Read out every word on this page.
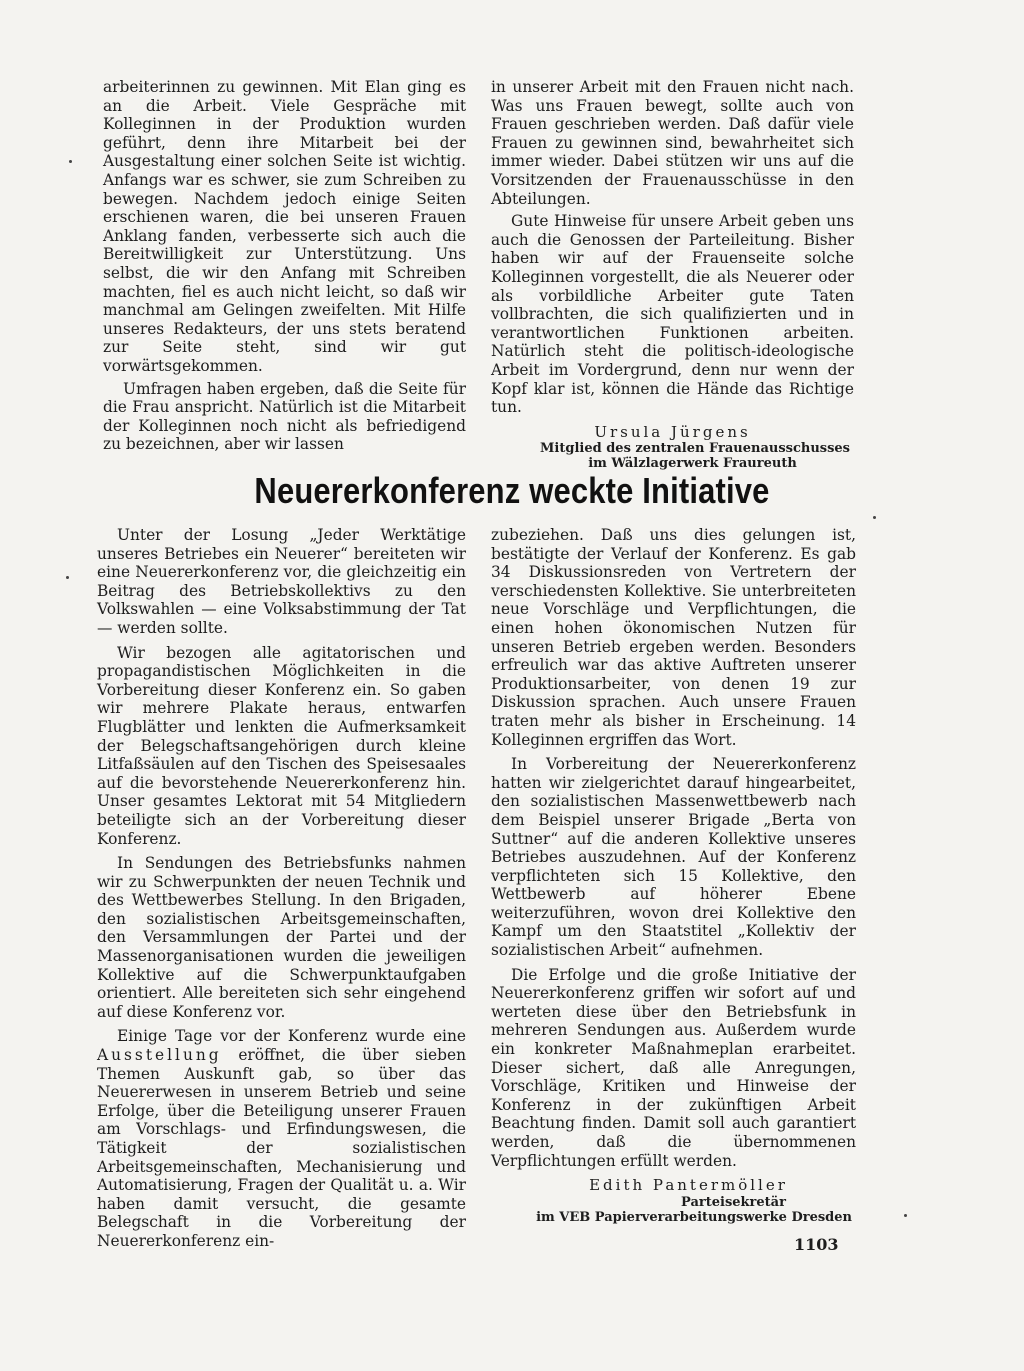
arbeiterinnen zu gewinnen. Mit Elan ging es an die Arbeit. Viele Gespräche mit Kolleginnen in der Produktion wurden geführt, denn ihre Mitarbeit bei der Ausgestaltung einer solchen Seite ist wichtig. Anfangs war es schwer, sie zum Schreiben zu bewegen. Nachdem jedoch einige Seiten erschienen waren, die bei unseren Frauen Anklang fanden, verbesserte sich auch die Bereitwilligkeit zur Unterstützung. Uns selbst, die wir den Anfang mit Schreiben machten, fiel es auch nicht leicht, so daß wir manchmal am Gelingen zweifelten. Mit Hilfe unseres Redakteurs, der uns stets beratend zur Seite steht, sind wir gut vorwärtsgekommen.

Umfragen haben ergeben, daß die Seite für die Frau anspricht. Natürlich ist die Mitarbeit der Kolleginnen noch nicht als befriedigend zu bezeichnen, aber wir lassen

in unserer Arbeit mit den Frauen nicht nach. Was uns Frauen bewegt, sollte auch von Frauen geschrieben werden. Daß dafür viele Frauen zu gewinnen sind, bewahrheitet sich immer wieder. Dabei stützen wir uns auf die Vorsitzenden der Frauenausschüsse in den Abteilungen.

Gute Hinweise für unsere Arbeit geben uns auch die Genossen der Parteileitung. Bisher haben wir auf der Frauenseite solche Kolleginnen vorgestellt, die als Neuerer oder als vorbildliche Arbeiter gute Taten vollbrachten, die sich qualifizierten und in verantwortlichen Funktionen arbeiten. Natürlich steht die politisch-ideologische Arbeit im Vordergrund, denn nur wenn der Kopf klar ist, können die Hände das Richtige tun.

Ursula Jürgens
Mitglied des zentralen Frauenausschusses
im Wälzlagerwerk Fraureuth
Neuererkonferenz weckte Initiative

Unter der Losung „Jeder Werktätige unseres Betriebes ein Neuerer“ bereiteten wir eine Neuererkonferenz vor, die gleichzeitig ein Beitrag des Betriebskollektivs zu den Volkswahlen — eine Volksabstimmung der Tat — werden sollte.

Wir bezogen alle agitatorischen und propagandistischen Möglichkeiten in die Vorbereitung dieser Konferenz ein. So gaben wir mehrere Plakate heraus, entwarfen Flugblätter und lenkten die Aufmerksamkeit der Belegschaftsangehörigen durch kleine Litfaßsäulen auf den Tischen des Speisesaales auf die bevorstehende Neuererkonferenz hin. Unser gesamtes Lektorat mit 54 Mitgliedern beteiligte sich an der Vorbereitung dieser Konferenz.

In Sendungen des Betriebsfunks nahmen wir zu Schwerpunkten der neuen Technik und des Wettbewerbes Stellung. In den Brigaden, den sozialistischen Arbeitsgemeinschaften, den Versammlungen der Partei und der Massenorganisationen wurden die jeweiligen Kollektive auf die Schwerpunktaufgaben orientiert. Alle bereiteten sich sehr eingehend auf diese Konferenz vor.

Einige Tage vor der Konferenz wurde eine Ausstellung eröffnet, die über sieben Themen Auskunft gab, so über das Neuererwesen in unserem Betrieb und seine Erfolge, über die Beteiligung unserer Frauen am Vorschlags- und Erfindungswesen, die Tätigkeit der sozialistischen Arbeitsgemeinschaften, Mechanisierung und Automatisierung, Fragen der Qualität u. a. Wir haben damit versucht, die gesamte Belegschaft in die Vorbereitung der Neuererkonferenz ein-

zubeziehen. Daß uns dies gelungen ist, bestätigte der Verlauf der Konferenz. Es gab 34 Diskussionsreden von Vertretern der verschiedensten Kollektive. Sie unterbreiteten neue Vorschläge und Verpflichtungen, die einen hohen ökonomischen Nutzen für unseren Betrieb ergeben werden. Besonders erfreulich war das aktive Auftreten unserer Produktionsarbeiter, von denen 19 zur Diskussion sprachen. Auch unsere Frauen traten mehr als bisher in Erscheinung. 14 Kolleginnen ergriffen das Wort.

In Vorbereitung der Neuererkonferenz hatten wir zielgerichtet darauf hingearbeitet, den sozialistischen Massenwettbewerb nach dem Beispiel unserer Brigade „Berta von Suttner“ auf die anderen Kollektive unseres Betriebes auszudehnen. Auf der Konferenz verpflichteten sich 15 Kollektive, den Wettbewerb auf höherer Ebene weiterzuführen, wovon drei Kollektive den Kampf um den Staatstitel „Kollektiv der sozialistischen Arbeit“ aufnehmen.

Die Erfolge und die große Initiative der Neuererkonferenz griffen wir sofort auf und werteten diese über den Betriebsfunk in mehreren Sendungen aus. Außerdem wurde ein konkreter Maßnahmeplan erarbeitet. Dieser sichert, daß alle Anregungen, Vorschläge, Kritiken und Hinweise der Konferenz in der zukünftigen Arbeit Beachtung finden. Damit soll auch garantiert werden, daß die übernommenen Verpflichtungen erfüllt werden.

Edith Pantermöller
Parteisekretär
im VEB Papierverarbeitungswerke Dresden
1103
